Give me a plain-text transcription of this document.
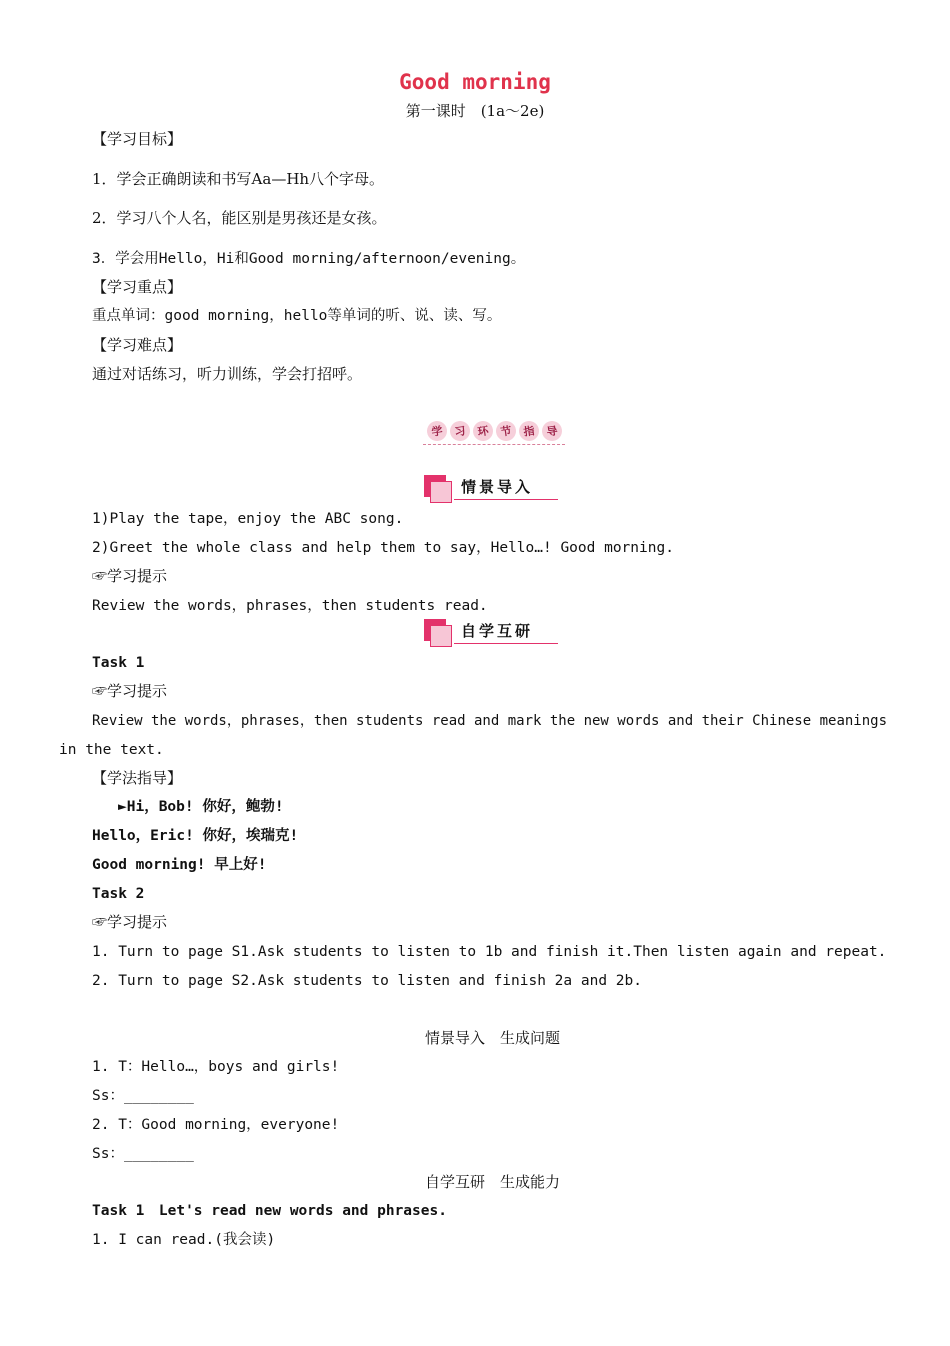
Good morning
第一课时　(1a～2e)
【学习目标】
1．学会正确朗读和书写Aa—Hh八个字母。
2．学习八个人名，能区别是男孩还是女孩。
3．学会用Hello，Hi和Good morning/afternoon/evening。
【学习重点】
重点单词：good morning，hello等单词的听、说、读、写。
【学习难点】
通过对话练习，听力训练，学会打招呼。
学 习 环 节 指 导
情景导入
1)Play the tape，enjoy the ABC song.
2)Greet the whole class and help them to say，Hello…! Good morning.
☞学习提示
Review the words，phrases，then students read.
自学互研
Task 1
☞学习提示
Review the words，phrases，then students read and mark the new words and their Chinese meanings
in the text.
【学法指导】
►Hi，Bob! 你好，鲍勃!
Hello，Eric! 你好，埃瑞克!
Good morning! 早上好!
Task 2
☞学习提示
1. Turn to page S1.Ask students to listen to 1b and finish it.Then listen again and repeat.
2. Turn to page S2.Ask students to listen and finish 2a and 2b.
情景导入　生成问题
1. T：Hello…，boys and girls!
Ss：________
2. T：Good morning，everyone!
Ss：________
自学互研　生成能力
Task 1　Let's read new words and phrases.
1. I can read.(我会读)
